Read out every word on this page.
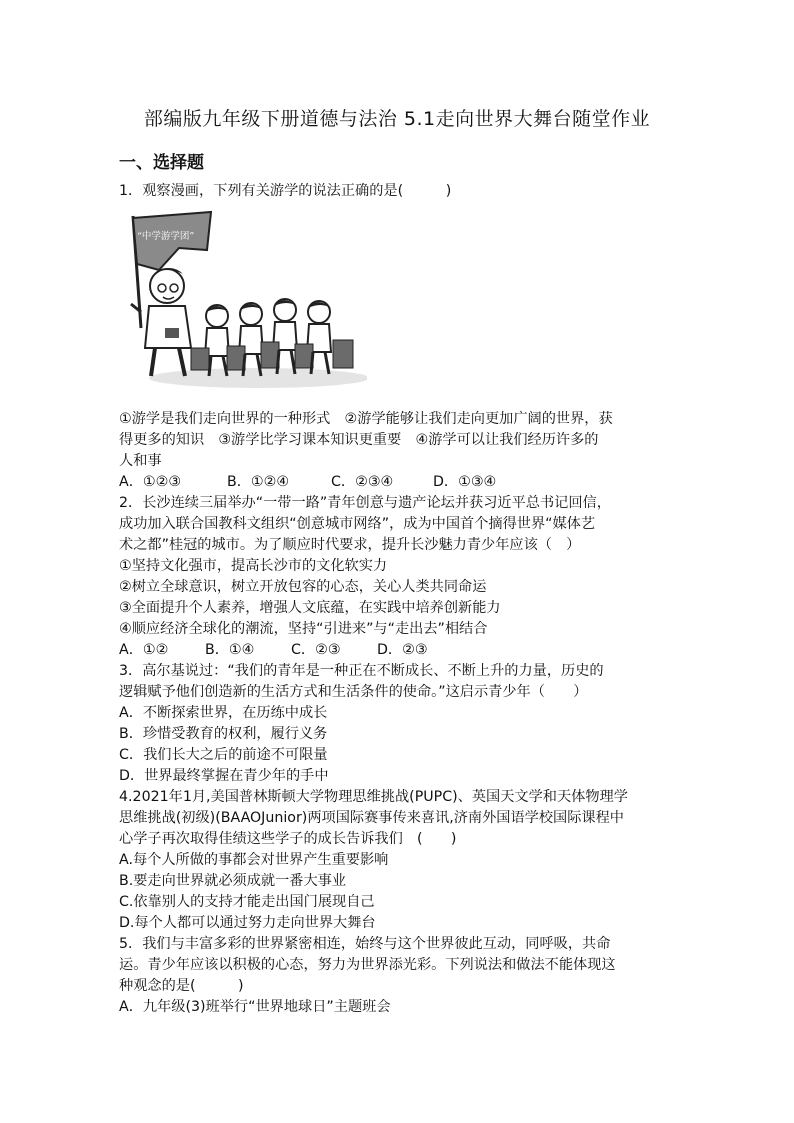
部编版九年级下册道德与法治 5.1走向世界大舞台随堂作业
一、选择题
1．观察漫画，下列有关游学的说法正确的是(　　　)
“中学游学团”
①游学是我们走向世界的一种形式　②游学能够让我们走向更加广阔的世界，获
得更多的知识　③游学比学习课本知识更重要　④游学可以让我们经历许多的
人和事
A．①②③	B．①②④	C．②③④	D．①③④
2．长沙连续三届举办“一带一路”青年创意与遗产论坛并获习近平总书记回信，
成功加入联合国教科文组织“创意城市网络”，成为中国首个摘得世界“媒体艺
术之都”桂冠的城市。为了顺应时代要求，提升长沙魅力青少年应该（　）
①坚持文化强市，提高长沙市的文化软实力
②树立全球意识，树立开放包容的心态，关心人类共同命运
③全面提升个人素养，增强人文底蕴，在实践中培养创新能力
④顺应经济全球化的潮流，坚持“引进来”与“走出去”相结合
A．①②	B．①④	C．②③	D．②③
3．高尔基说过：“我们的青年是一种正在不断成长、不断上升的力量，历史的
逻辑赋予他们创造新的生活方式和生活条件的使命。”这启示青少年（　　）
A．不断探索世界，在历练中成长
B．珍惜受教育的权利，履行义务
C．我们长大之后的前途不可限量
D．世界最终掌握在青少年的手中
4.2021年1月,美国普林斯顿大学物理思维挑战(PUPC)、英国天文学和天体物理学
思维挑战(初级)(BAAOJunior)两项国际赛事传来喜讯,济南外国语学校国际课程中
心学子再次取得佳绩这些学子的成长告诉我们　(　　)
A.每个人所做的事都会对世界产生重要影响
B.要走向世界就必须成就一番大事业
C.依靠别人的支持才能走出国门展现自己
D.每个人都可以通过努力走向世界大舞台
5．我们与丰富多彩的世界紧密相连，始终与这个世界彼此互动，同呼吸，共命
运。青少年应该以积极的心态，努力为世界添光彩。下列说法和做法不能体现这
种观念的是(　　　)
A．九年级(3)班举行“世界地球日”主题班会
